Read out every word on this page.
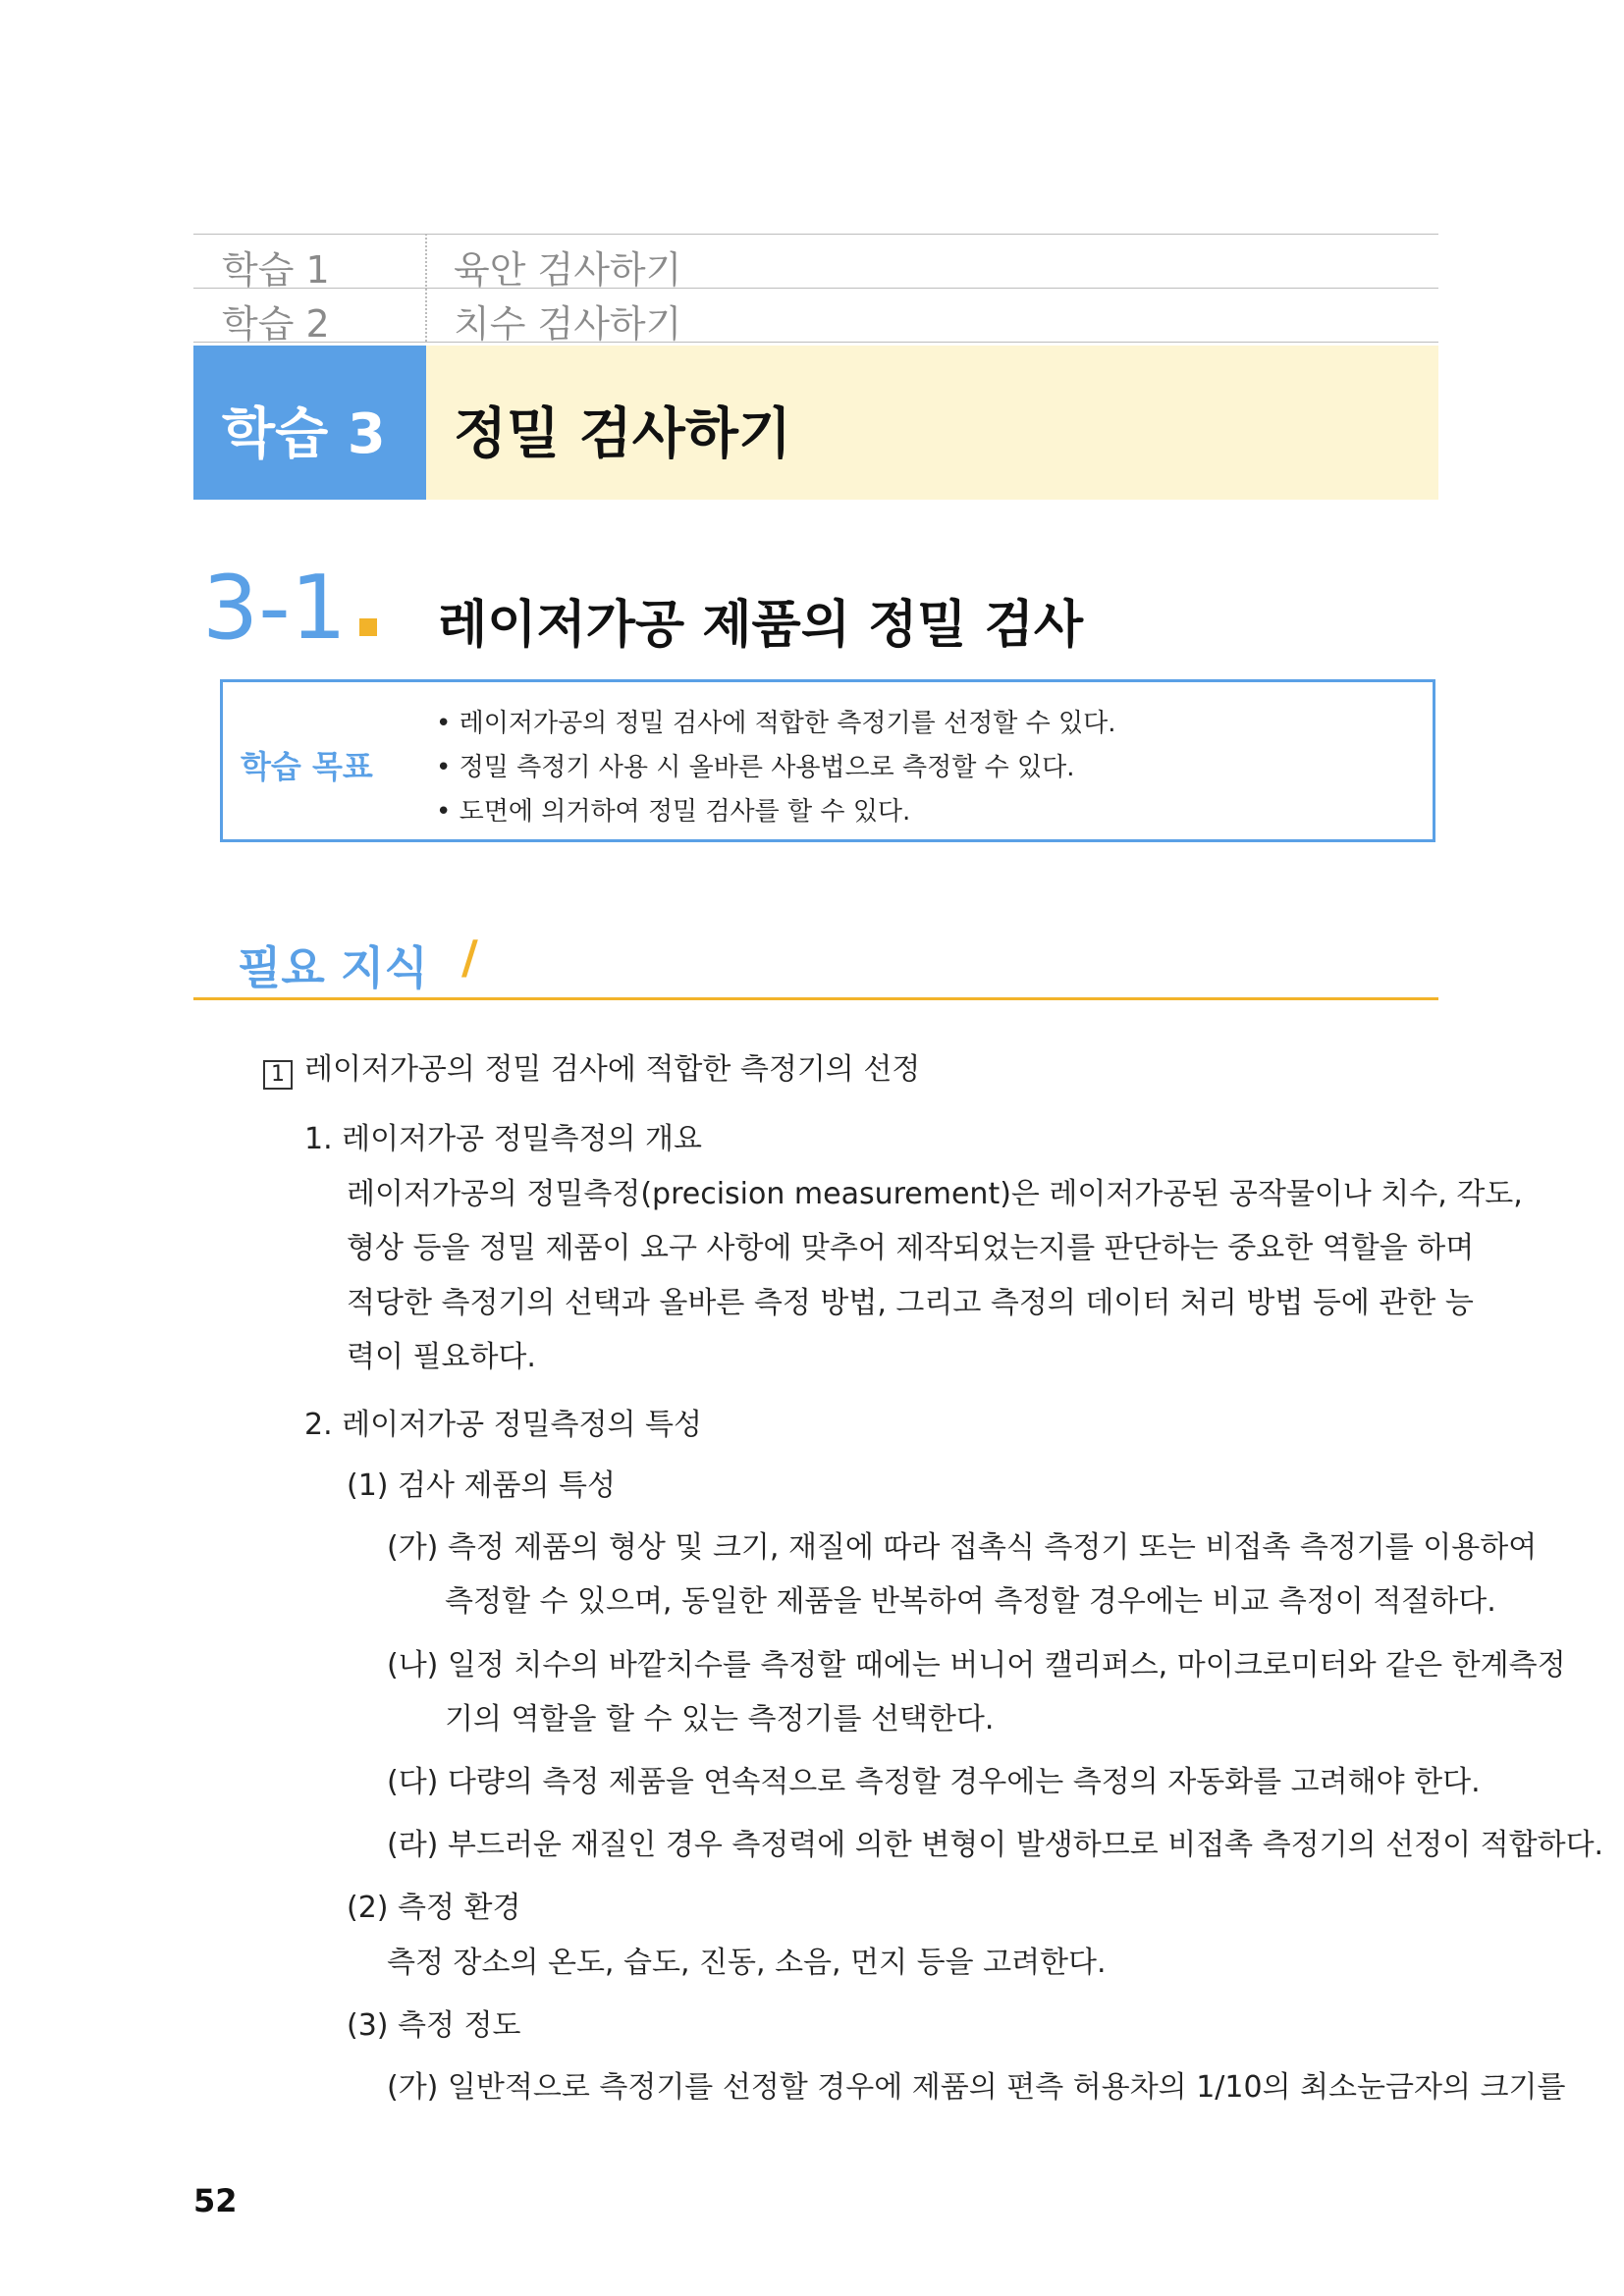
학습 1	육안 검사하기
학습 2	치수 검사하기
학습 3 정밀 검사하기
3-1 레이저가공 제품의 정밀 검사
학습 목표
• 레이저가공의 정밀 검사에 적합한 측정기를 선정할 수 있다.
• 정밀 측정기 사용 시 올바른 사용법으로 측정할 수 있다.
• 도면에 의거하여 정밀 검사를 할 수 있다.
필요 지식 /
1 레이저가공의 정밀 검사에 적합한 측정기의 선정
1. 레이저가공 정밀측정의 개요
레이저가공의 정밀측정(precision measurement)은 레이저가공된 공작물이나 치수, 각도,
형상 등을 정밀 제품이 요구 사항에 맞추어 제작되었는지를 판단하는 중요한 역할을 하며
적당한 측정기의 선택과 올바른 측정 방법, 그리고 측정의 데이터 처리 방법 등에 관한 능
력이 필요하다.
2. 레이저가공 정밀측정의 특성
(1) 검사 제품의 특성
(가) 측정 제품의 형상 및 크기, 재질에 따라 접촉식 측정기 또는 비접촉 측정기를 이용하여
측정할 수 있으며, 동일한 제품을 반복하여 측정할 경우에는 비교 측정이 적절하다.
(나) 일정 치수의 바깥치수를 측정할 때에는 버니어 캘리퍼스, 마이크로미터와 같은 한계측정
기의 역할을 할 수 있는 측정기를 선택한다.
(다) 다량의 측정 제품을 연속적으로 측정할 경우에는 측정의 자동화를 고려해야 한다.
(라) 부드러운 재질인 경우 측정력에 의한 변형이 발생하므로 비접촉 측정기의 선정이 적합하다.
(2) 측정 환경
측정 장소의 온도, 습도, 진동, 소음, 먼지 등을 고려한다.
(3) 측정 정도
(가) 일반적으로 측정기를 선정할 경우에 제품의 편측 허용차의 1/10의 최소눈금자의 크기를
52
